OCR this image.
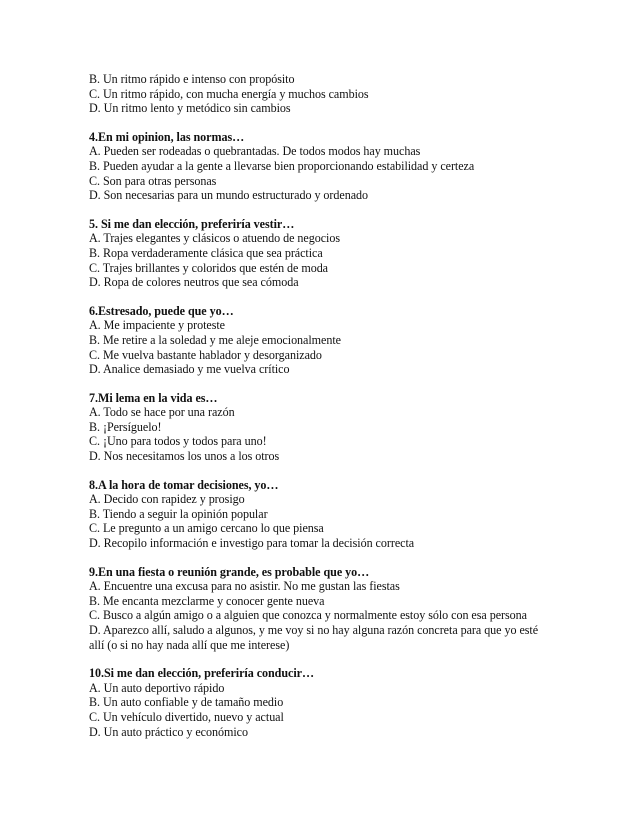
B. Un ritmo rápido e intenso con propósito
C. Un ritmo rápido, con mucha energía y muchos cambios
D. Un ritmo lento y metódico sin cambios
4.En mi opinion, las normas…
A. Pueden ser rodeadas o quebrantadas. De todos modos hay muchas
B. Pueden ayudar a la gente a llevarse bien proporcionando estabilidad y certeza
C. Son para otras personas
D. Son necesarias para un mundo estructurado y ordenado
5. Si me dan elección, preferiría vestir…
A. Trajes elegantes y clásicos o atuendo de negocios
B. Ropa verdaderamente clásica que sea práctica
C. Trajes brillantes y coloridos que estén de moda
D. Ropa de colores neutros que sea cómoda
6.Estresado, puede que yo…
A. Me impaciente y proteste
B. Me retire a la soledad y me aleje emocionalmente
C. Me vuelva bastante hablador y desorganizado
D. Analice demasiado y me vuelva crítico
7.Mi lema en la vida es…
A. Todo se hace por una razón
B. ¡Persíguelo!
C. ¡Uno para todos y todos para uno!
D. Nos necesitamos los unos a los otros
8.A la hora de tomar decisiones, yo…
A. Decido con rapidez y prosigo
B. Tiendo a seguir la opinión popular
C. Le pregunto a un amigo cercano lo que piensa
D. Recopilo información e investigo para tomar la decisión correcta
9.En una fiesta o reunión grande, es probable que yo…
A. Encuentre una excusa para no asistir. No me gustan las fiestas
B. Me encanta mezclarme y conocer gente nueva
C. Busco a algún amigo o a alguien que conozca y normalmente estoy sólo con esa persona
D. Aparezco allí, saludo a algunos, y me voy si no hay alguna razón concreta para que yo esté allí (o si no hay nada allí que me interese)
10.Si me dan elección, preferiría conducir…
A. Un auto deportivo rápido
B. Un auto confiable y de tamaño medio
C. Un vehículo divertido, nuevo y actual
D. Un auto práctico y económico
